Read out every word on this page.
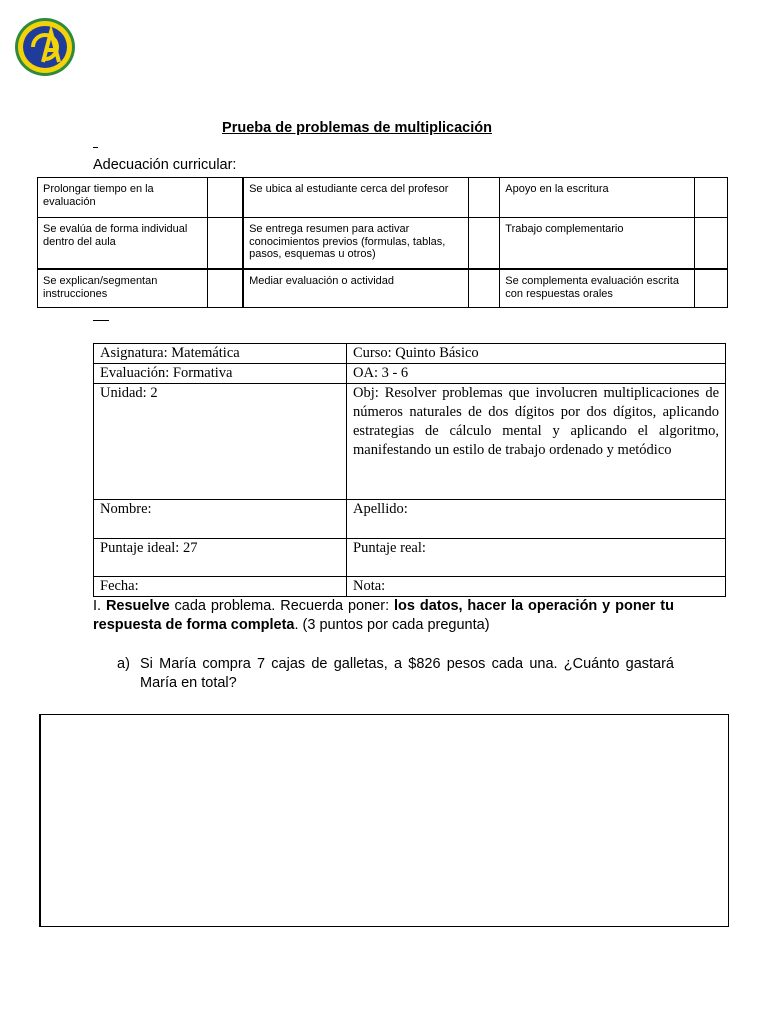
Prueba de problemas de multiplicación
Adecuación curricular:
Prolongar tiempo en la evaluación		Se ubica al estudiante cerca del profesor		Apoyo en la escritura	
Se evalúa de forma individual dentro del aula		Se entrega resumen para activar conocimientos previos (formulas, tablas, pasos, esquemas u otros)		Trabajo complementario	
Se explican/segmentan instrucciones		Mediar evaluación o actividad		Se complementa evaluación escrita con respuestas orales	
Asignatura: Matemática	Curso: Quinto Básico
Evaluación: Formativa	OA: 3 - 6
Unidad: 2	Obj: Resolver problemas que involucren multiplicaciones de números naturales de dos dígitos por dos dígitos, aplicando estrategias de cálculo mental y aplicando el algoritmo, manifestando un estilo de trabajo ordenado y metódico
Nombre:	Apellido:
Puntaje ideal: 27	Puntaje real:
Fecha:	Nota:
I. Resuelve cada problema. Recuerda poner: los datos, hacer la operación y poner tu respuesta de forma completa. (3 puntos por cada pregunta)
a) Si María compra 7 cajas de galletas, a $826 pesos cada una. ¿Cuánto gastará María en total?
